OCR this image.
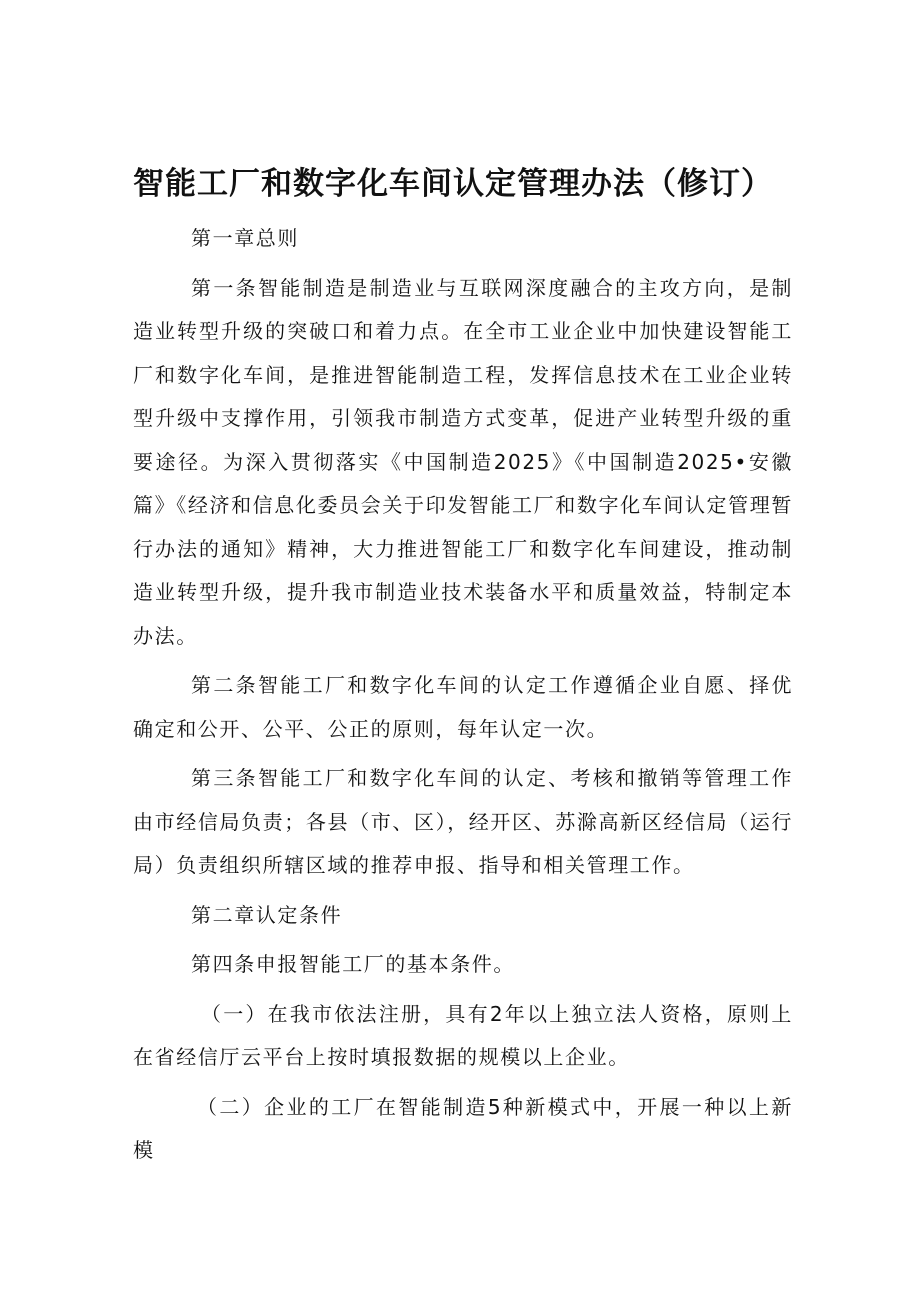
智能工厂和数字化车间认定管理办法（修订）

第一章总则

第一条智能制造是制造业与互联网深度融合的主攻方向，是制造业转型升级的突破口和着力点。在全市工业企业中加快建设智能工厂和数字化车间，是推进智能制造工程，发挥信息技术在工业企业转型升级中支撑作用，引领我市制造方式变革，促进产业转型升级的重要途径。为深入贯彻落实《中国制造2025》《中国制造2025•安徽篇》《经济和信息化委员会关于印发智能工厂和数字化车间认定管理暂行办法的通知》精神，大力推进智能工厂和数字化车间建设，推动制造业转型升级，提升我市制造业技术装备水平和质量效益，特制定本办法。

第二条智能工厂和数字化车间的认定工作遵循企业自愿、择优确定和公开、公平、公正的原则，每年认定一次。

第三条智能工厂和数字化车间的认定、考核和撤销等管理工作由市经信局负责；各县（市、区），经开区、苏滁高新区经信局（运行局）负责组织所辖区域的推荐申报、指导和相关管理工作。

第二章认定条件

第四条申报智能工厂的基本条件。

（一）在我市依法注册，具有2年以上独立法人资格，原则上在省经信厅云平台上按时填报数据的规模以上企业。

（二）企业的工厂在智能制造5种新模式中，开展一种以上新模
